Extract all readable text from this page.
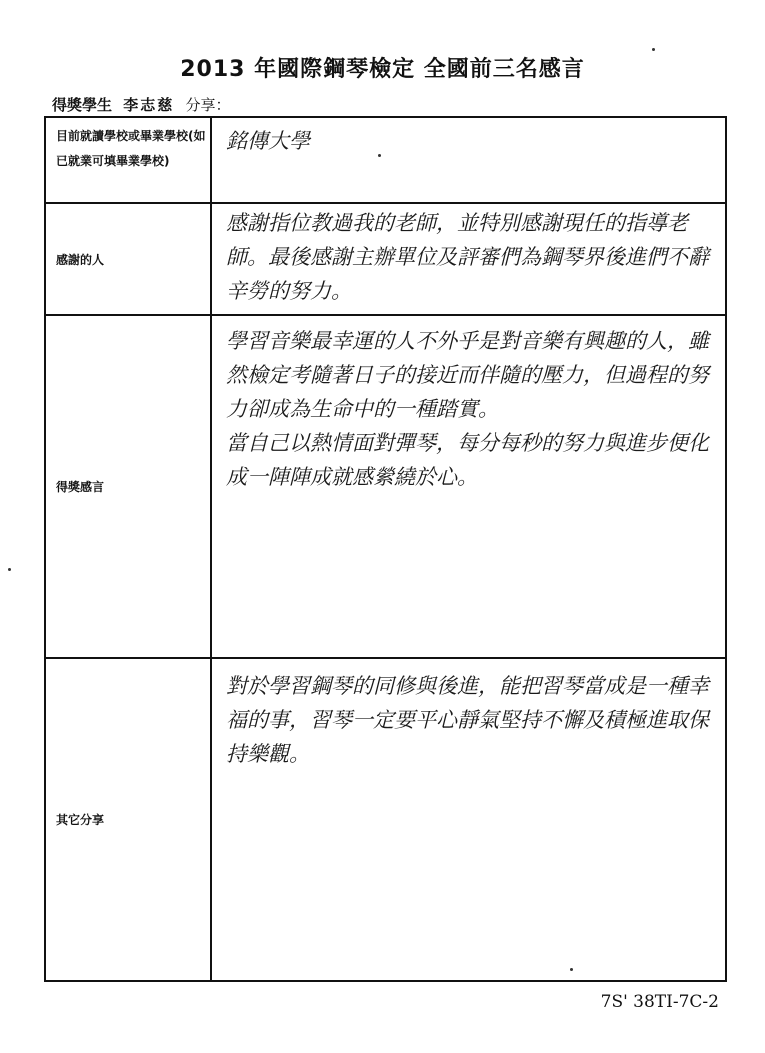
2013 年國際鋼琴檢定 全國前三名感言
得獎學生 李志慈 分享：
目前就讀學校或畢業學校(如已就業可填畢業學校)

銘傳大學

感謝的人

感謝指位教過我的老師，並特別感謝現任的指導老師。最後感謝主辦單位及評審們為鋼琴界後進們不辭辛勞的努力。

得獎感言

學習音樂最幸運的人不外乎是對音樂有興趣的人，雖然檢定考隨著日子的接近而伴隨的壓力，但過程的努力卻成為生命中的一種踏實。

當自己以熱情面對彈琴，每分每秒的努力與進步便化成一陣陣成就感縈繞於心。

其它分享

對於學習鋼琴的同修與後進，能把習琴當成是一種幸福的事，習琴一定要平心靜氣堅持不懈及積極進取保持樂觀。

7S' 38TI-7C-2
